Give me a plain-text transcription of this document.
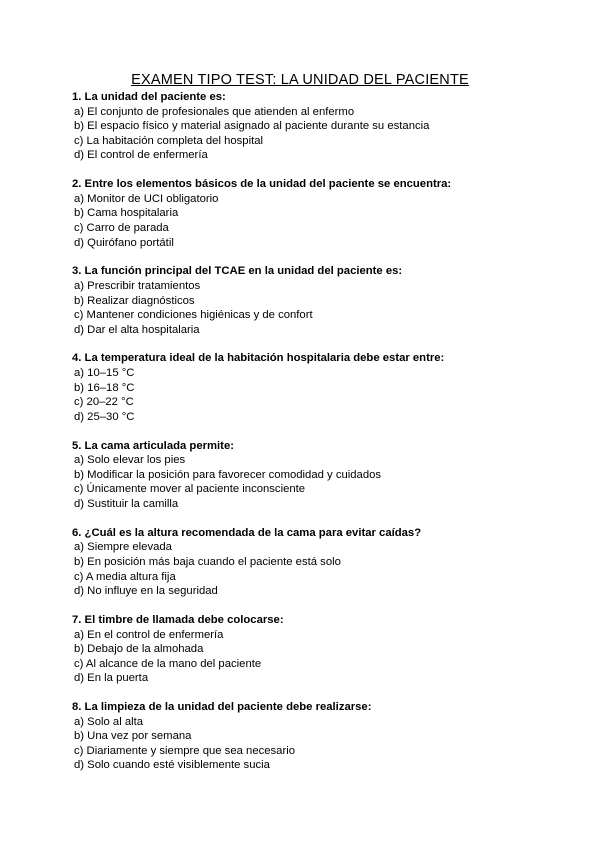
EXAMEN TIPO TEST: LA UNIDAD DEL PACIENTE
1. La unidad del paciente es:
a) El conjunto de profesionales que atienden al enfermo
b) El espacio físico y material asignado al paciente durante su estancia
c) La habitación completa del hospital
d) El control de enfermería
2. Entre los elementos básicos de la unidad del paciente se encuentra:
a) Monitor de UCI obligatorio
b) Cama hospitalaria
c) Carro de parada
d) Quirófano portátil
3. La función principal del TCAE en la unidad del paciente es:
a) Prescribir tratamientos
b) Realizar diagnósticos
c) Mantener condiciones higiénicas y de confort
d) Dar el alta hospitalaria
4. La temperatura ideal de la habitación hospitalaria debe estar entre:
a) 10–15 °C
b) 16–18 °C
c) 20–22 °C
d) 25–30 °C
5. La cama articulada permite:
a) Solo elevar los pies
b) Modificar la posición para favorecer comodidad y cuidados
c) Únicamente mover al paciente inconsciente
d) Sustituir la camilla
6. ¿Cuál es la altura recomendada de la cama para evitar caídas?
a) Siempre elevada
b) En posición más baja cuando el paciente está solo
c) A media altura fija
d) No influye en la seguridad
7. El timbre de llamada debe colocarse:
a) En el control de enfermería
b) Debajo de la almohada
c) Al alcance de la mano del paciente
d) En la puerta
8. La limpieza de la unidad del paciente debe realizarse:
a) Solo al alta
b) Una vez por semana
c) Diariamente y siempre que sea necesario
d) Solo cuando esté visiblemente sucia
